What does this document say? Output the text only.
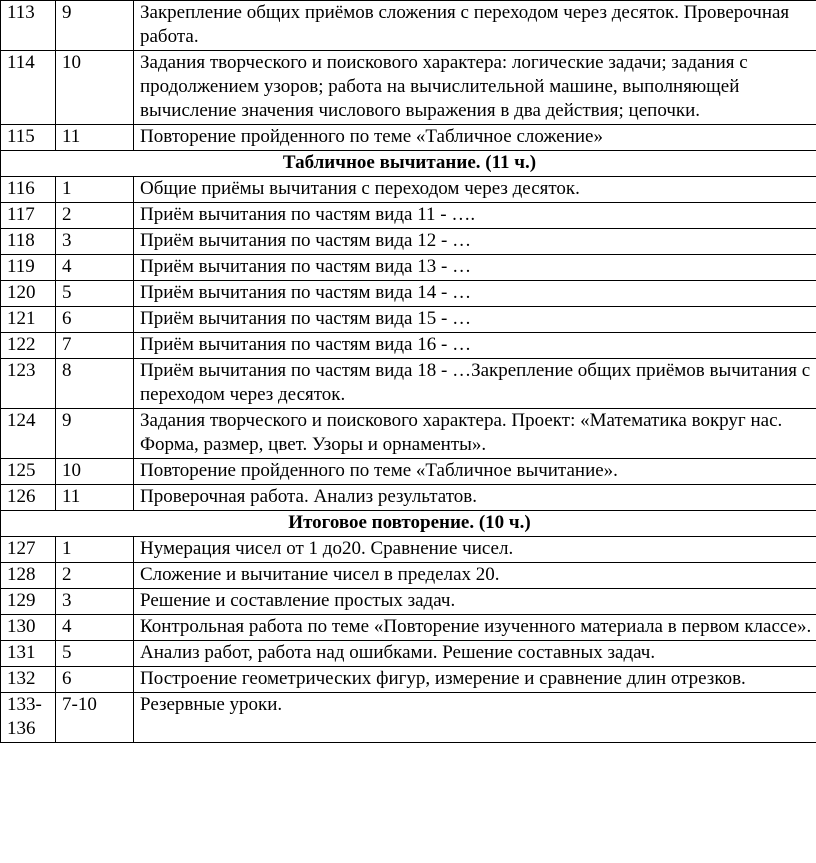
113	9	Закрепление общих приёмов сложения с переходом через десяток. Проверочная работа.
114	10	Задания творческого и поискового характера: логические задачи; задания с продолжением узоров; работа на вычислительной машине, выполняющей вычисление значения числового выражения в два действия; цепочки.
115	11	Повторение пройденного по теме «Табличное сложение»
Табличное вычитание. (11 ч.)		
116	1	Общие приёмы вычитания с переходом через десяток.
117	2	Приём вычитания по частям вида 11 - ….
118	3	Приём вычитания по частям вида 12 - …
119	4	Приём вычитания по частям вида 13 - …
120	5	Приём вычитания по частям вида 14 - …
121	6	Приём вычитания по частям вида 15 - …
122	7	Приём вычитания по частям вида 16 - …
123	8	Приём вычитания по частям вида 18 - …Закрепление общих приёмов вычитания с переходом через десяток.
124	9	Задания творческого и поискового характера. Проект: «Математика вокруг нас. Форма, размер, цвет. Узоры и орнаменты».
125	10	Повторение пройденного по теме «Табличное вычитание».
126	11	Проверочная работа. Анализ результатов.
Итоговое повторение. (10 ч.)		
127	1	Нумерация чисел от 1 до20. Сравнение чисел.
128	2	Сложение и вычитание чисел в пределах 20.
129	3	Решение и составление простых задач.
130	4	Контрольная работа по теме «Повторение изученного материала в первом классе».
131	5	Анализ работ, работа над ошибками. Решение составных задач.
132	6	Построение геометрических фигур, измерение и сравнение длин отрезков.
133-136	7-10	Резервные уроки.
